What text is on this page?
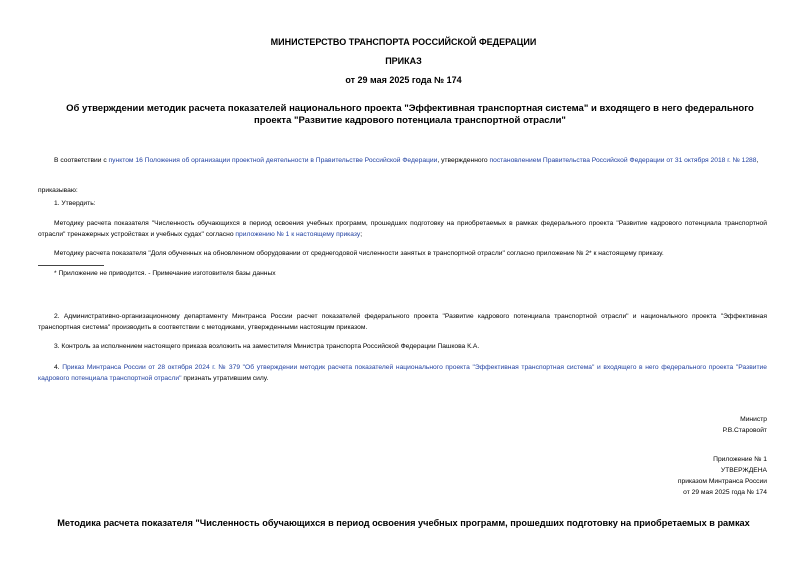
МИНИСТЕРСТВО ТРАНСПОРТА РОССИЙСКОЙ ФЕДЕРАЦИИ
ПРИКАЗ
от 29 мая 2025 года № 174
Об утверждении методик расчета показателей национального проекта "Эффективная транспортная система" и входящего в него федерального проекта "Развитие кадрового потенциала транспортной отрасли"
В соответствии с пунктом 16 Положения об организации проектной деятельности в Правительстве Российской Федерации, утвержденного постановлением Правительства Российской Федерации от 31 октября 2018 г. № 1288,
приказываю:
1. Утвердить:
Методику расчета показателя "Численность обучающихся в период освоения учебных программ, прошедших подготовку на приобретаемых в рамках федерального проекта "Развитие кадрового потенциала транспортной отрасли" тренажерных устройствах и учебных судах" согласно приложению № 1 к настоящему приказу;
Методику расчета показателя "Доля обученных на обновленном оборудовании от среднегодовой численности занятых в транспортной отрасли" согласно приложение № 2* к настоящему приказу.
* Приложение не приводится. - Примечание изготовителя базы данных
2. Административно-организационному департаменту Минтранса России расчет показателей федерального проекта "Развитие кадрового потенциала транспортной отрасли" и национального проекта "Эффективная транспортная система" производить в соответствии с методиками, утвержденными настоящим приказом.
3. Контроль за исполнением настоящего приказа возложить на заместителя Министра транспорта Российской Федерации Пашкова К.А.
4. Приказ Минтранса России от 28 октября 2024 г. № 379 "Об утверждении методик расчета показателей национального проекта "Эффективная транспортная система" и входящего в него федерального проекта "Развитие кадрового потенциала транспортной отрасли" признать утратившим силу.
Министр
Р.В.Старовойт
Приложение № 1
УТВЕРЖДЕНА
приказом Минтранса России
от 29 мая 2025 года № 174
Методика расчета показателя "Численность обучающихся в период освоения учебных программ, прошедших подготовку на приобретаемых в рамках
